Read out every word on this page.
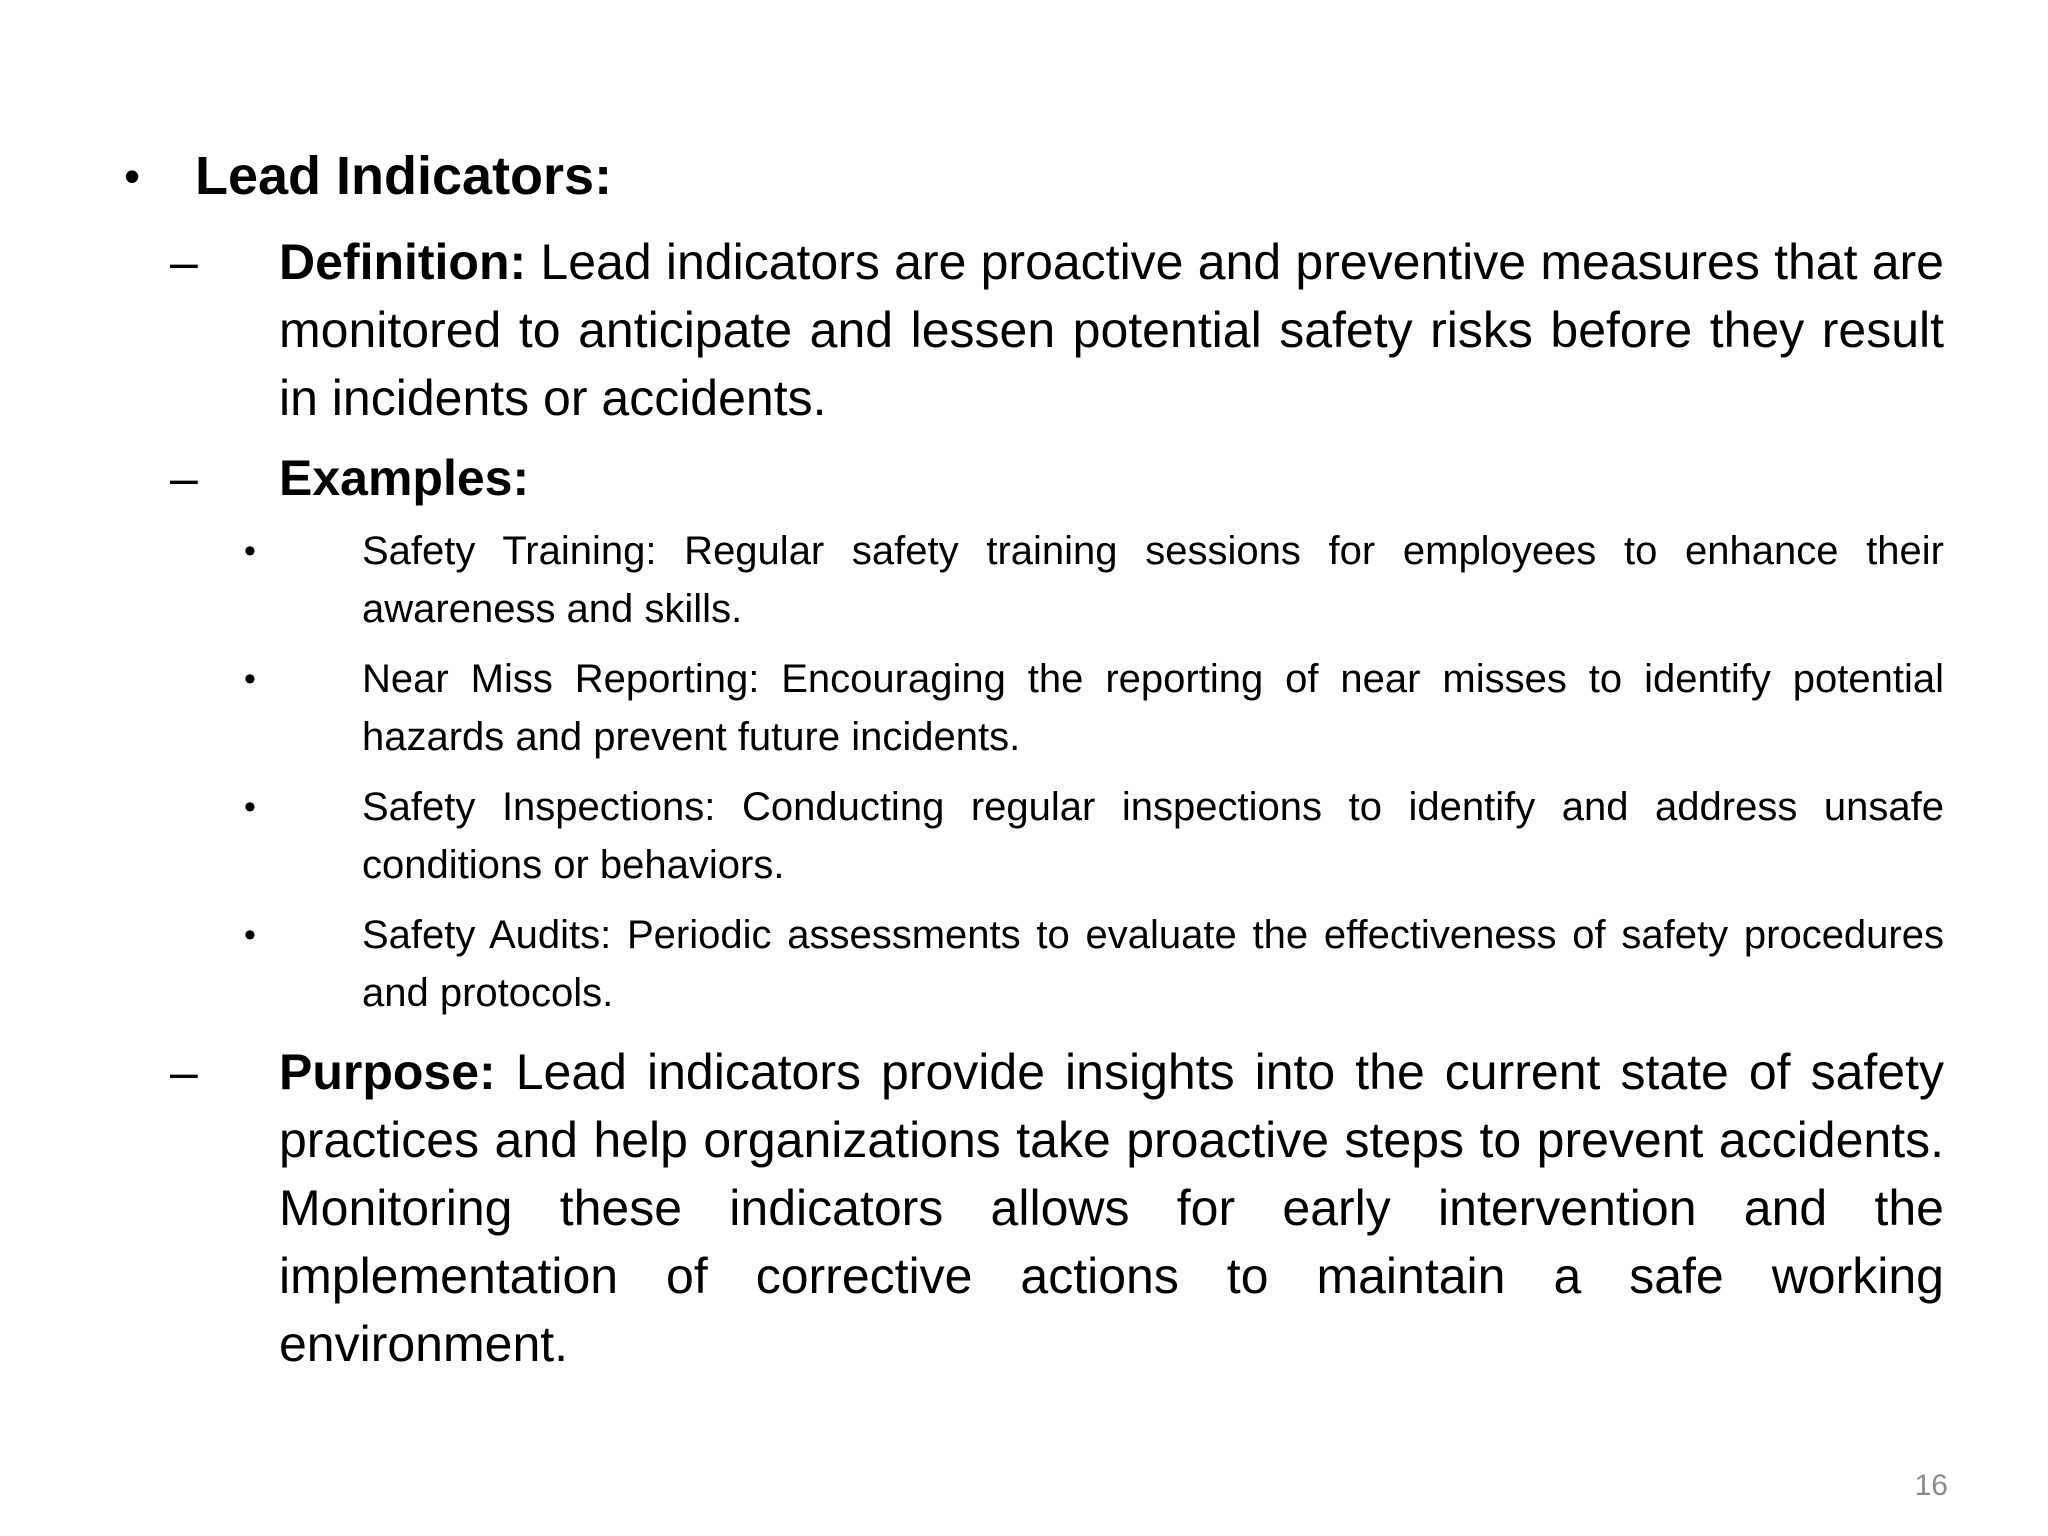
• Lead Indicators:
– Definition: Lead indicators are proactive and preventive measures that are monitored to anticipate and lessen potential safety risks before they result in incidents or accidents.
– Examples:
•	Safety Training: Regular safety training sessions for employees to enhance their awareness and skills.
•	Near Miss Reporting: Encouraging the reporting of near misses to identify potential hazards and prevent future incidents.
•	Safety Inspections: Conducting regular inspections to identify and address unsafe conditions or behaviors.
•	Safety Audits: Periodic assessments to evaluate the effectiveness of safety procedures and protocols.
– Purpose: Lead indicators provide insights into the current state of safety practices and help organizations take proactive steps to prevent accidents. Monitoring these indicators allows for early intervention and the implementation of corrective actions to maintain a safe working environment.
16
